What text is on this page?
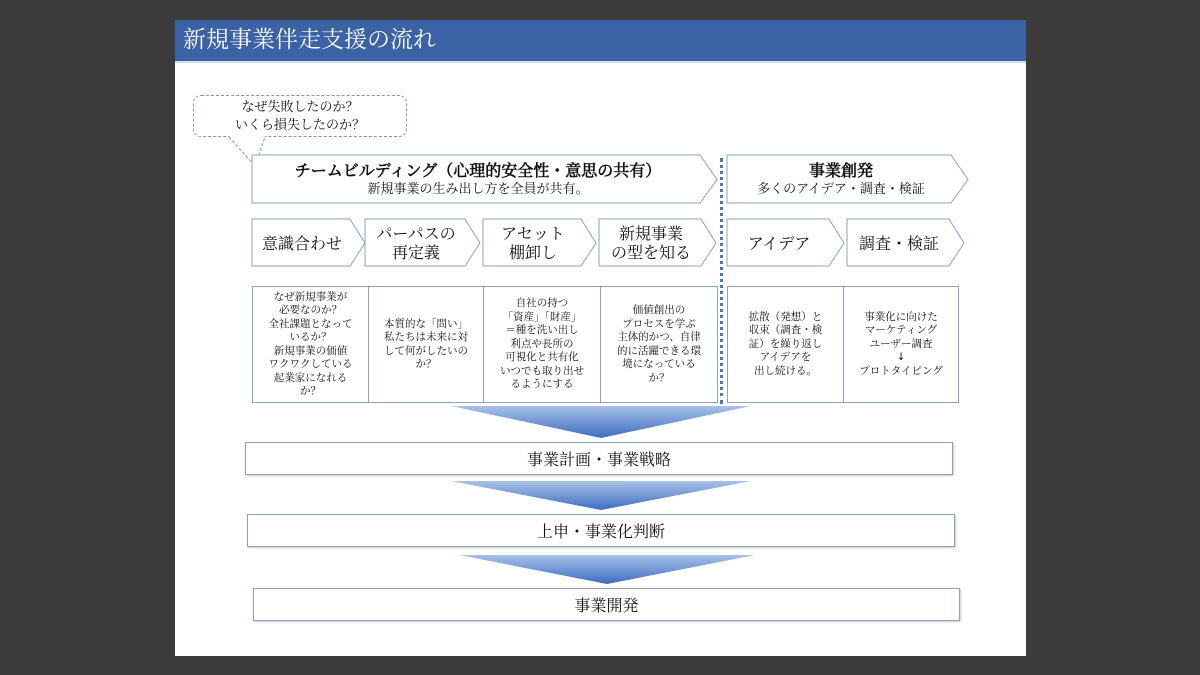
新規事業伴走支援の流れ
なぜ失敗したのか？
いくら損失したのか？
チームビルディング（心理的安全性・意思の共有）
新規事業の生み出し方を全員が共有。
事業創発
多くのアイデア・調査・検証
意識合わせ パーパスの
再定義
アセット
棚卸し
新規事業
の型を知る	アイデア	調査・検証
なぜ新規事業が
必要なのか？
全社課題となって
いるか？
新規事業の価値
ワクワクしている
起業家になれる
か？
本質的な「問い」
私たちは未来に対
して何がしたいの
か？
自社の持つ
「資産」「財産」
＝種を洗い出し
利点や長所の
可視化と共有化
いつでも取り出せ
るようにする
価値創出の
プロセスを学ぶ
主体的かつ、自律
的に活躍できる環
境になっている
か？
拡散（発想）と
収束（調査・検
証）を繰り返し
アイデアを
出し続ける。
事業化に向けた
マーケティング
ユーザー調査
↓
プロトタイピング
事業計画・事業戦略
上申・事業化判断
事業開発
